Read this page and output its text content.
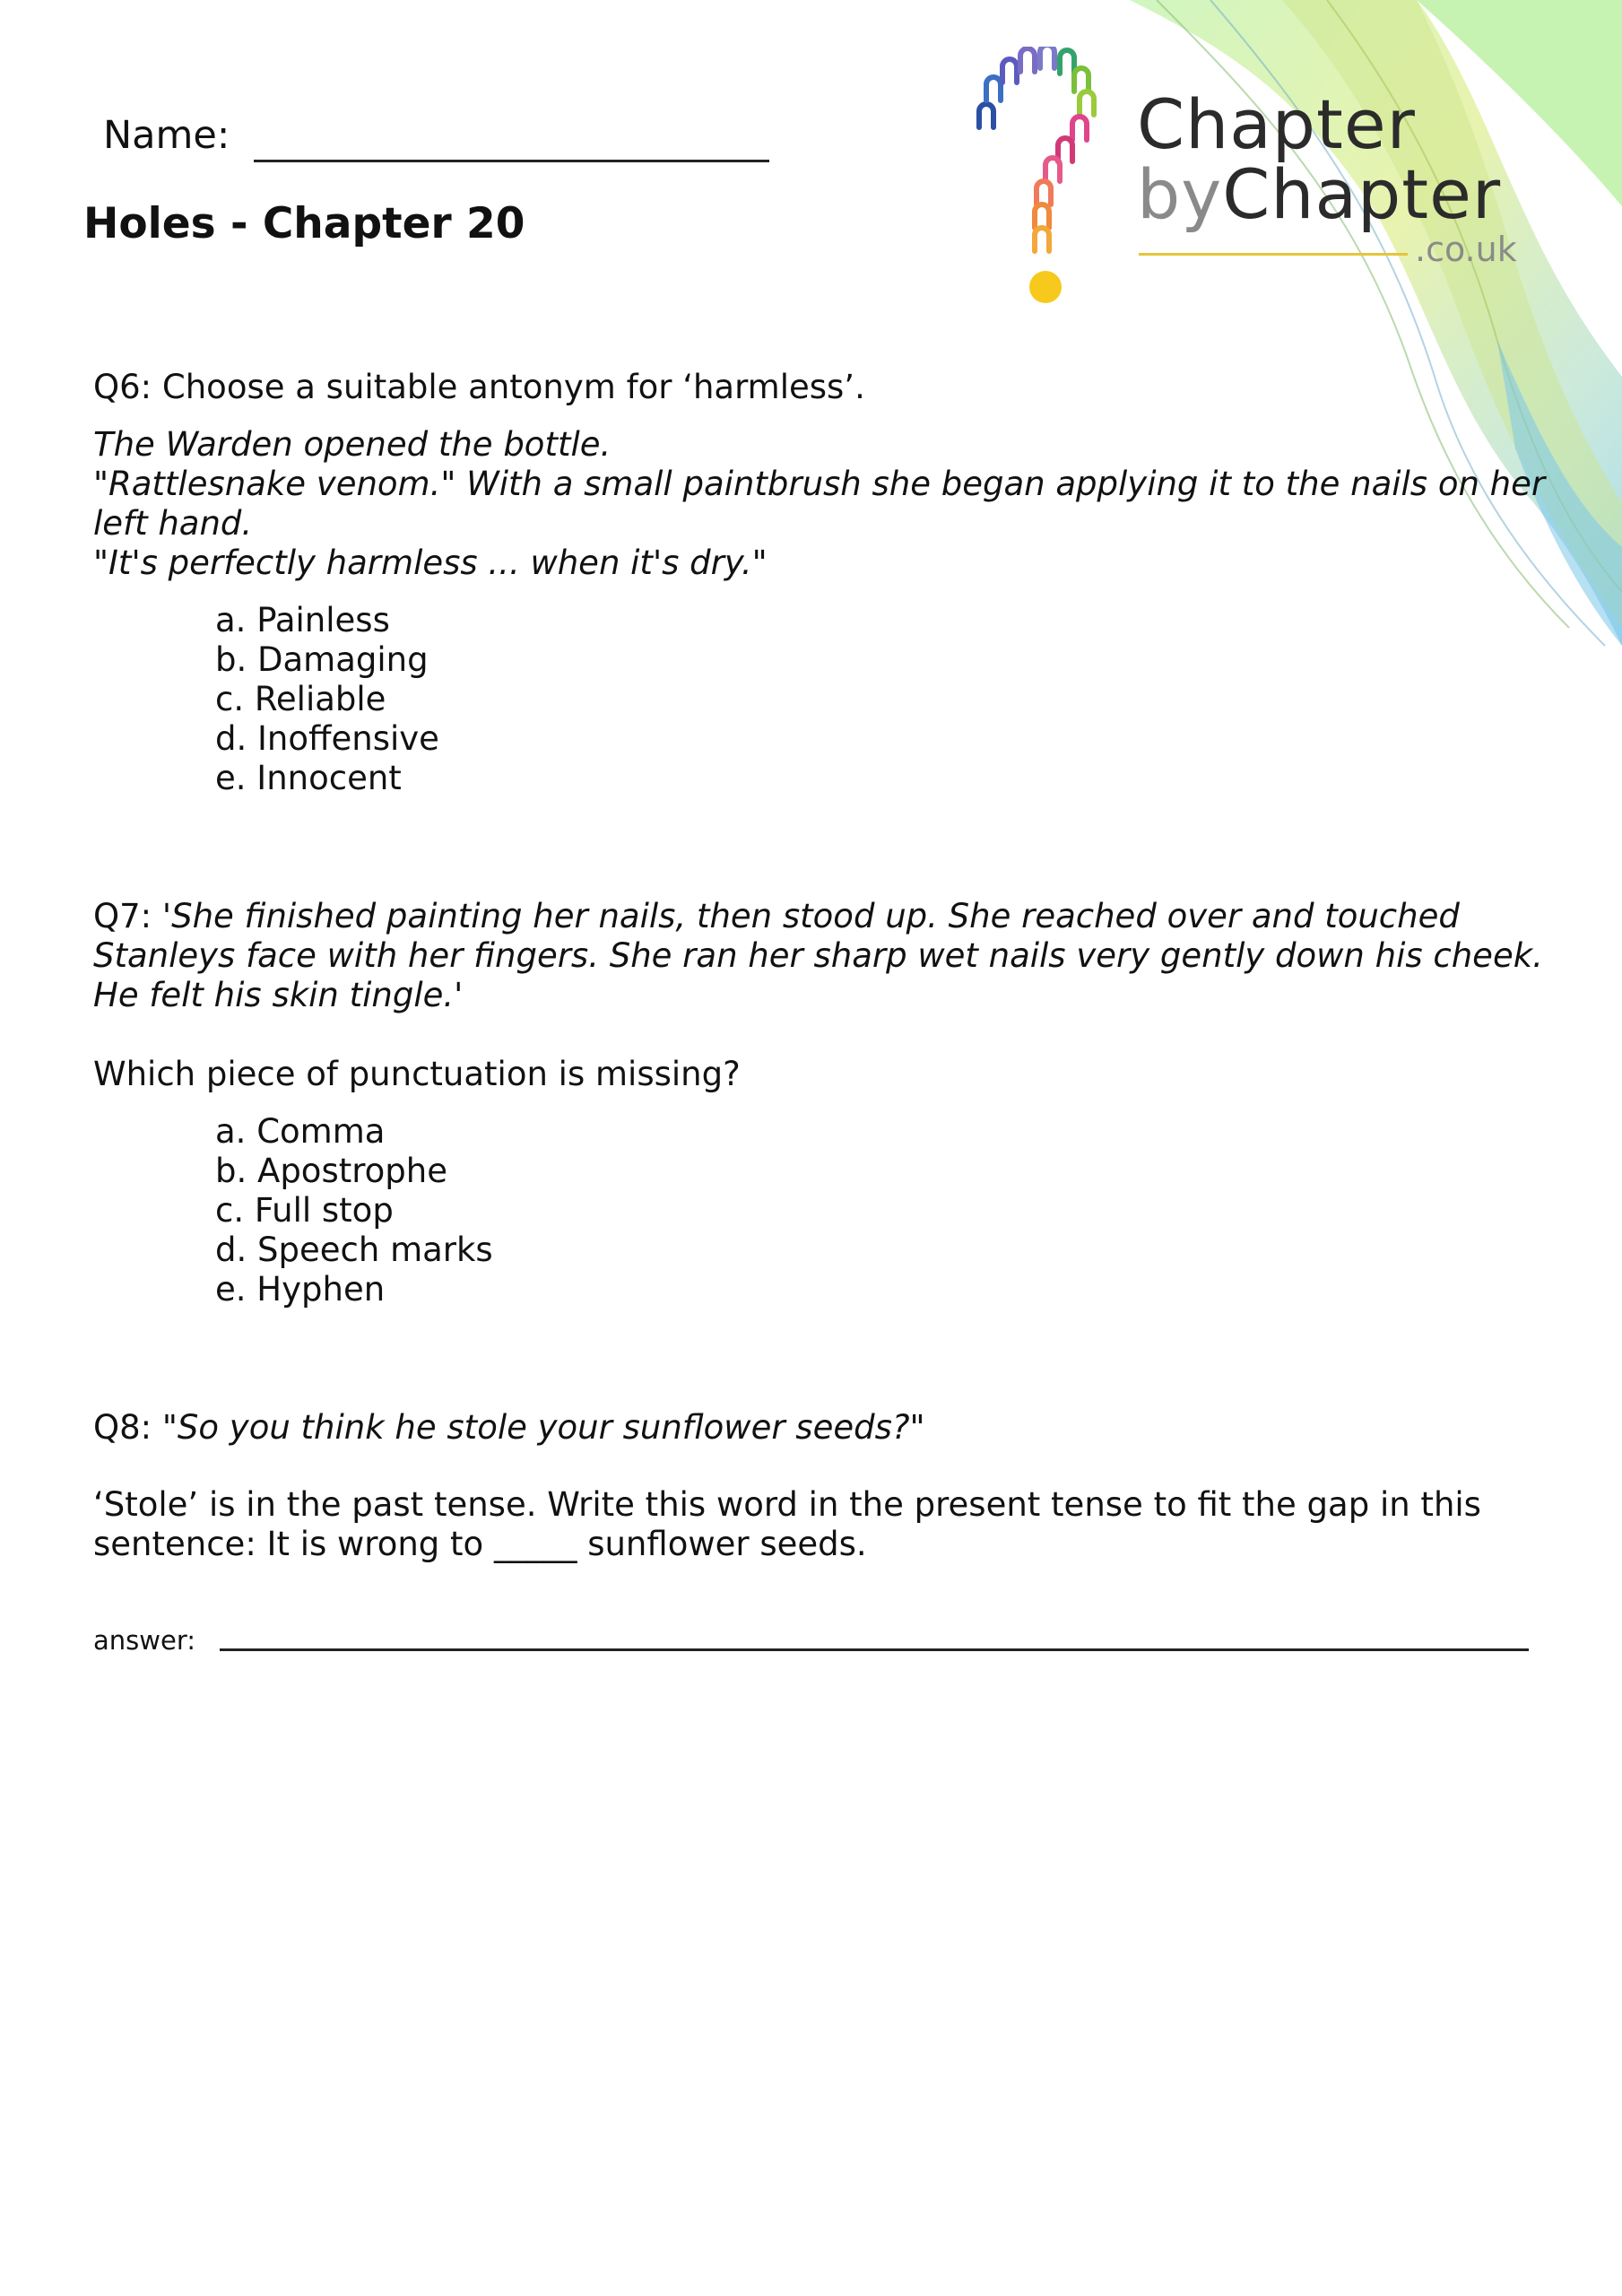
Chapter
byChapter
.co.uk
Name:
Holes - Chapter 20
Q6: Choose a suitable antonym for ‘harmless’.
The Warden opened the bottle.
"Rattlesnake venom." With a small paintbrush she began applying it to the nails on her left hand.
"It's perfectly harmless ... when it's dry."
a. Painless
b. Damaging
c. Reliable
d. Inoffensive
e. Innocent
Q7: 'She finished painting her nails, then stood up. She reached over and touched Stanleys face with her fingers. She ran her sharp wet nails very gently down his cheek. He felt his skin tingle.'
Which piece of punctuation is missing?
a. Comma
b. Apostrophe
c. Full stop
d. Speech marks
e. Hyphen
Q8: "So you think he stole your sunflower seeds?"
‘Stole’ is in the past tense. Write this word in the present tense to fit the gap in this sentence: It is wrong to _____ sunflower seeds.
answer:
